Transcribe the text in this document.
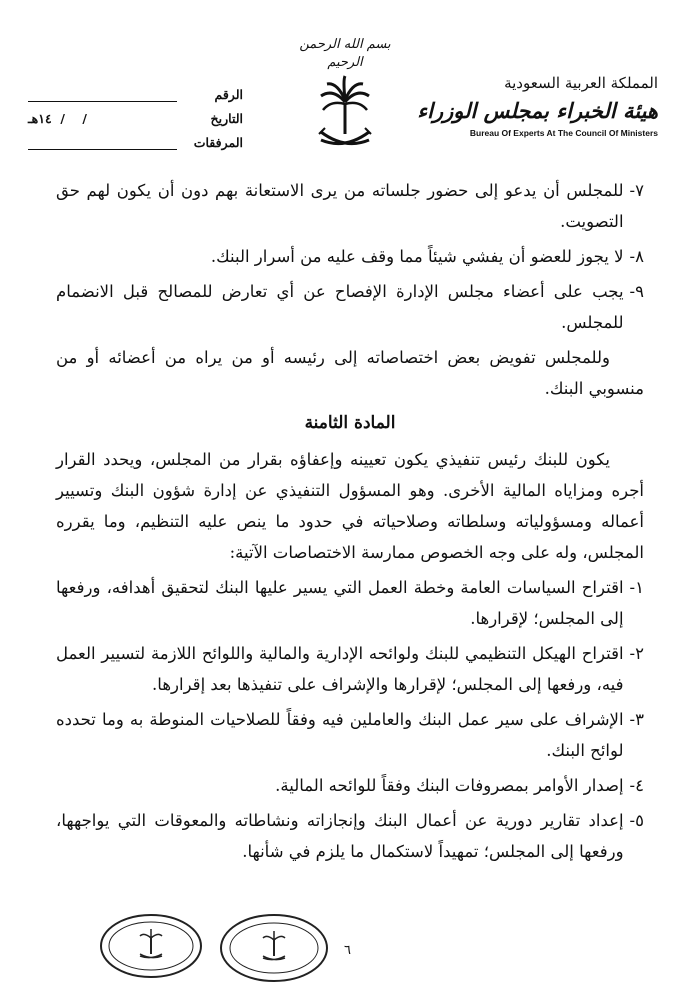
المملكة العربية السعودية
هيئة الخبراء بمجلس الوزراء
Bureau Of Experts At The Council Of Ministers
بسم الله الرحمن الرحيم
الرقم
التاريخ
/    /  ١٤هـ
المرفقات
٧-
للمجلس أن يدعو إلى حضور جلساته من يرى الاستعانة بهم دون أن يكون لهم حق التصويت.
٨-
لا يجوز للعضو أن يفشي شيئاً مما وقف عليه من أسرار البنك.
٩-
يجب على أعضاء مجلس الإدارة الإفصاح عن أي تعارض للمصالح قبل الانضمام للمجلس.

وللمجلس تفويض بعض اختصاصاته إلى رئيسه أو من يراه من أعضائه أو من منسوبي البنك.

المادة الثامنة

يكون للبنك رئيس تنفيذي يكون تعيينه وإعفاؤه بقرار من المجلس، ويحدد القرار أجره ومزاياه المالية الأخرى. وهو المسؤول التنفيذي عن إدارة شؤون البنك وتسيير أعماله ومسؤولياته وسلطاته وصلاحياته في حدود ما ينص عليه التنظيم، وما يقرره المجلس، وله على وجه الخصوص ممارسة الاختصاصات الآتية:

١-
اقتراح السياسات العامة وخطة العمل التي يسير عليها البنك لتحقيق أهدافه، ورفعها إلى المجلس؛ لإقرارها.
٢-
اقتراح الهيكل التنظيمي للبنك ولوائحه الإدارية والمالية واللوائح اللازمة لتسيير العمل فيه، ورفعها إلى المجلس؛ لإقرارها والإشراف على تنفيذها بعد إقرارها.
٣-
الإشراف على سير عمل البنك والعاملين فيه وفقاً للصلاحيات المنوطة به وما تحدده لوائح البنك.
٤-
إصدار الأوامر بمصروفات البنك وفقاً للوائحه المالية.
٥-
إعداد تقارير دورية عن أعمال البنك وإنجازاته ونشاطاته والمعوقات التي يواجهها، ورفعها إلى المجلس؛ تمهيداً لاستكمال ما يلزم في شأنها.
٦
